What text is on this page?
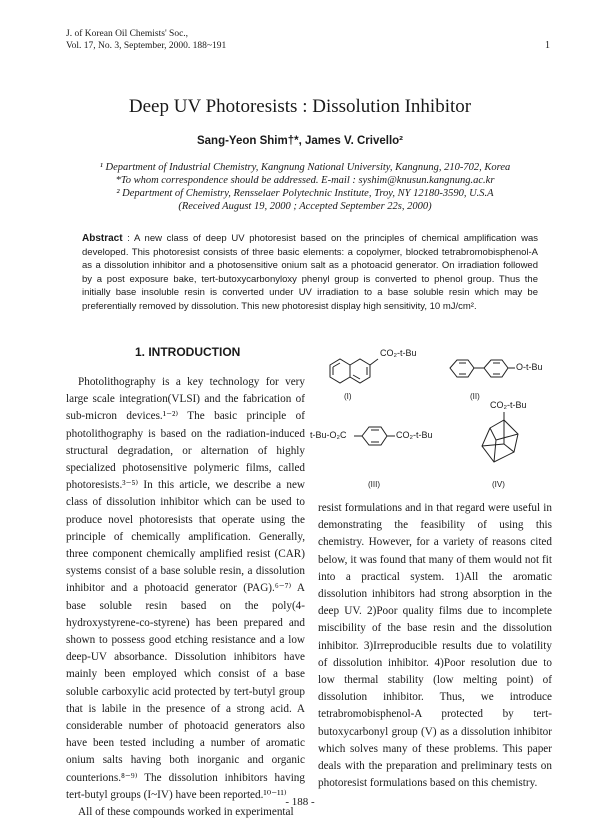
J. of Korean Oil Chemists' Soc.,
Vol. 17, No. 3, September, 2000. 188~191	1
Deep UV Photoresists : Dissolution Inhibitor
Sang-Yeon Shim†*, James V. Crivello²
¹ Department of Industrial Chemistry, Kangnung National University, Kangnung, 210-702, Korea
*To whom correspondence should be addressed. E-mail : syshim@knusun.kangnung.ac.kr
² Department of Chemistry, Rensselaer Polytechnic Institute, Troy, NY 12180-3590, U.S.A
(Received August 19, 2000 ; Accepted September 22s, 2000)
Abstract : A new class of deep UV photoresist based on the principles of chemical amplification was developed. This photoresist consists of three basic elements: a copolymer, blocked tetrabromobisphenol-A as a dissolution inhibitor and a photosensitive onium salt as a photoacid generator. On irradiation followed by a post exposure bake, tert-butoxycarbonyloxy phenyl group is converted to phenol group. Thus the initially base insoluble resin is converted under UV irradiation to a base soluble resin which may be preferentially removed by dissolution. This new photoresist display high sensitivity, 10 mJ/cm².
1. INTRODUCTION

Photolithography is a key technology for very large scale integration(VLSI) and the fabrication of sub-micron devices.¹⁻²⁾ The basic principle of photolithography is based on the radiation-induced structural degradation, or alternation of highly specialized photosensitive polymeric films, called photoresists.³⁻⁵⁾ In this article, we describe a new class of dissolution inhibitor which can be used to produce novel photoresists that operate using the principle of chemically amplification. Generally, three component chemically amplified resist (CAR) systems consist of a base soluble resin, a dissolution inhibitor and a photoacid generator (PAG).⁶⁻⁷⁾ A base soluble resin based on the poly(4-hydroxystyrene-co-styrene) has been prepared and shown to possess good etching resistance and a low deep-UV absorbance. Dissolution inhibitors have mainly been employed which consist of a base soluble carboxylic acid protected by tert-butyl group that is labile in the presence of a strong acid. A considerable number of photoacid generators also have been tested including a number of aromatic onium salts having both inorganic and organic counterions.⁸⁻⁹⁾ The dissolution inhibitors having tert-butyl groups (I~IV) have been reported.¹⁰⁻¹¹⁾

All of these compounds worked in experimental

CO₂-t-Bu
(I)
O-t-Bu
(II)
t-Bu-O₂C	CO₂-t-Bu
(III)
CO₂-t-Bu
(IV)

resist formulations and in that regard were useful in demonstrating the feasibility of using this chemistry. However, for a variety of reasons cited below, it was found that many of them would not fit into a practical system. 1)All the aromatic dissolution inhibitors had strong absorption in the deep UV. 2)Poor quality films due to incomplete miscibility of the base resin and the dissolution inhibitor. 3)Irreproducible results due to volatility of dissolution inhibitor. 4)Poor resolution due to low thermal stability (low melting point) of dissolution inhibitor. Thus, we introduce tetrabromobisphenol-A protected by tert-butoxycarbonyl group (V) as a dissolution inhibitor which solves many of these problems. This paper deals with the preparation and preliminary tests on photoresist formulations based on this chemistry.

- 188 -
